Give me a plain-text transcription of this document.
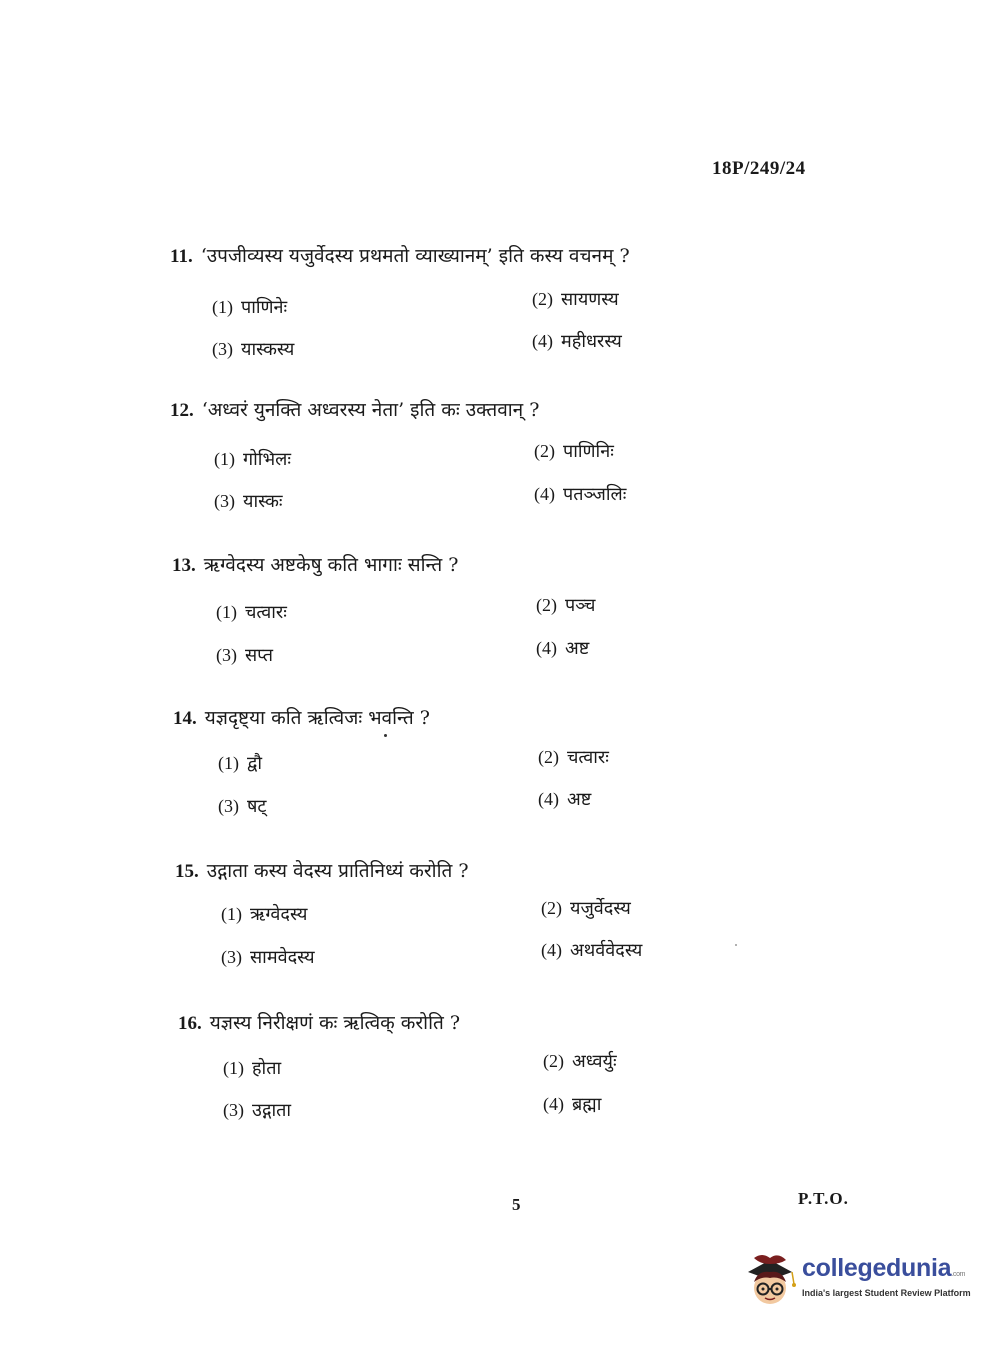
18P/249/24
11. ‘उपजीव्यस्य यजुर्वेदस्य प्रथमतो व्याख्यानम्’ इति कस्य वचनम् ?
(1) पाणिनेः	(2) सायणस्य
(3) यास्कस्य	(4) महीधरस्य
12. ‘अध्वरं युनक्ति अध्वरस्य नेता’ इति कः उक्तवान् ?
(1) गोभिलः	(2) पाणिनिः
(3) यास्कः	(4) पतञ्जलिः
13. ऋग्वेदस्य अष्टकेषु कति भागाः सन्ति ?
(1) चत्वारः	(2) पञ्च
(3) सप्त	(4) अष्ट
14. यज्ञदृष्ट्या कति ऋत्विजः भवन्ति ?
(1) द्वौ	(2) चत्वारः
(3) षट्	(4) अष्ट
15. उद्गाता कस्य वेदस्य प्रातिनिध्यं करोति ?
(1) ऋग्वेदस्य	(2) यजुर्वेदस्य
(3) सामवेदस्य	(4) अथर्ववेदस्य
16. यज्ञस्य निरीक्षणं कः ऋत्विक् करोति ?
(1) होता	(2) अध्वर्युः
(3) उद्गाता	(4) ब्रह्मा
5	P.T.O.
collegedunia.com
India's largest Student Review Platform
